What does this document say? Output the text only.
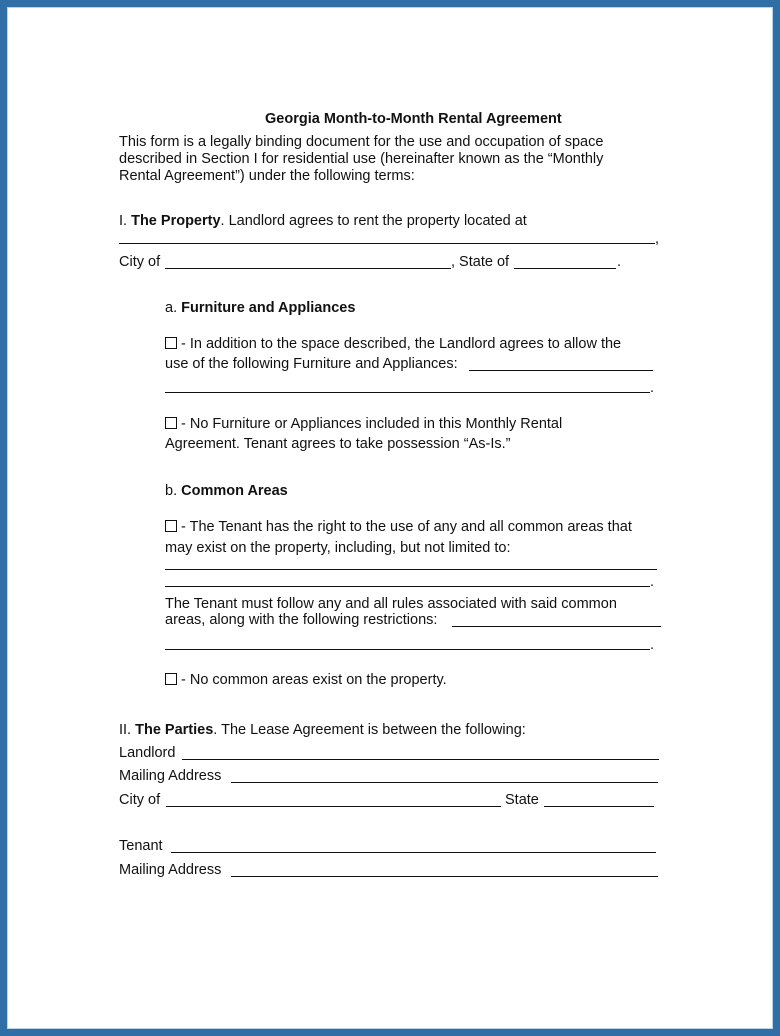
Georgia Month-to-Month Rental Agreement
This form is a legally binding document for the use and occupation of space
described in Section I for residential use (hereinafter known as the “Monthly
Rental Agreement”) under the following terms:
I. The Property. Landlord agrees to rent the property located at
,
City of	, State of	.
a. Furniture and Appliances
- In addition to the space described, the Landlord agrees to allow the
use of the following Furniture and Appliances:
.
- No Furniture or Appliances included in this Monthly Rental
Agreement. Tenant agrees to take possession “As-Is.”
b. Common Areas
- The Tenant has the right to the use of any and all common areas that
may exist on the property, including, but not limited to:
.
The Tenant must follow any and all rules associated with said common
areas, along with the following restrictions:
.
- No common areas exist on the property.
II. The Parties. The Lease Agreement is between the following:
Landlord
Mailing Address
City of	State
Tenant
Mailing Address
